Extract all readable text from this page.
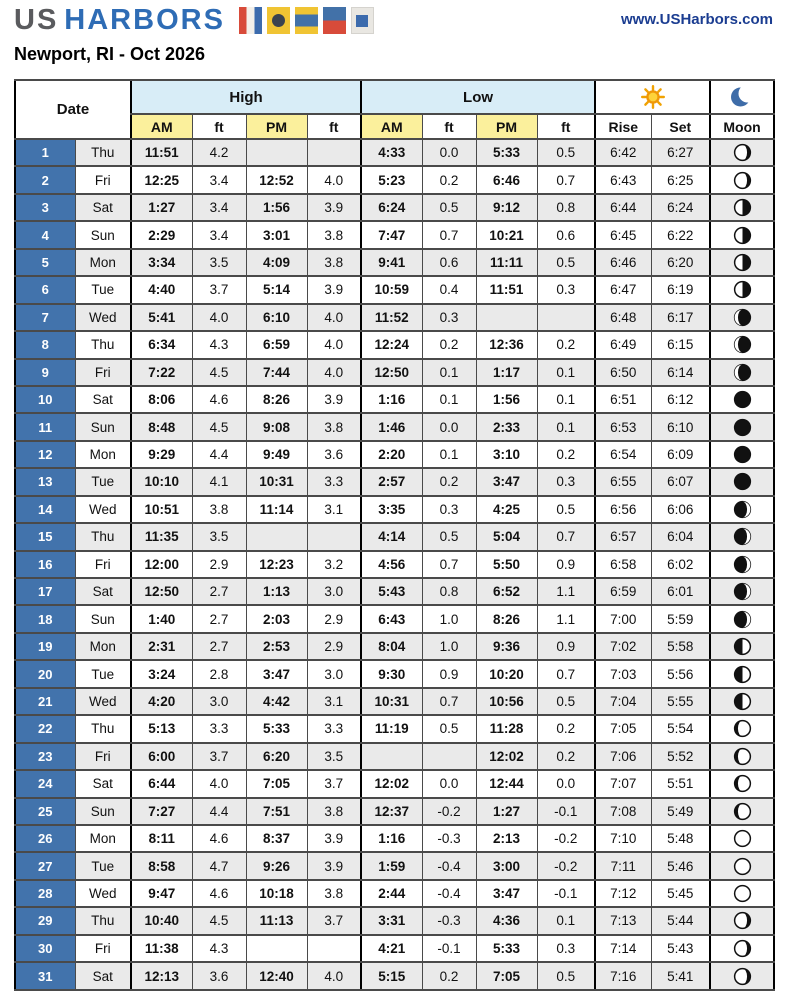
US HARBORS	www.USHarbors.com
Newport, RI - Oct 2026
Date		High				Low	

		AM	ft	PM	ft	AM	ft	PM	ft	Rise	Set	Moon
1	Thu	11:51	4.2			4:33	0.0	5:33	0.5	6:42	6:27	

2	Fri	12:25	3.4	12:52	4.0	5:23	0.2	6:46	0.7	6:43	6:25	

3	Sat	1:27	3.4	1:56	3.9	6:24	0.5	9:12	0.8	6:44	6:24	

4	Sun	2:29	3.4	3:01	3.8	7:47	0.7	10:21	0.6	6:45	6:22	

5	Mon	3:34	3.5	4:09	3.8	9:41	0.6	11:11	0.5	6:46	6:20	

6	Tue	4:40	3.7	5:14	3.9	10:59	0.4	11:51	0.3	6:47	6:19	

7	Wed	5:41	4.0	6:10	4.0	11:52	0.3			6:48	6:17	

8	Thu	6:34	4.3	6:59	4.0	12:24	0.2	12:36	0.2	6:49	6:15	

9	Fri	7:22	4.5	7:44	4.0	12:50	0.1	1:17	0.1	6:50	6:14	

10	Sat	8:06	4.6	8:26	3.9	1:16	0.1	1:56	0.1	6:51	6:12	

11	Sun	8:48	4.5	9:08	3.8	1:46	0.0	2:33	0.1	6:53	6:10	

12	Mon	9:29	4.4	9:49	3.6	2:20	0.1	3:10	0.2	6:54	6:09	

13	Tue	10:10	4.1	10:31	3.3	2:57	0.2	3:47	0.3	6:55	6:07	

14	Wed	10:51	3.8	11:14	3.1	3:35	0.3	4:25	0.5	6:56	6:06	

15	Thu	11:35	3.5			4:14	0.5	5:04	0.7	6:57	6:04	

16	Fri	12:00	2.9	12:23	3.2	4:56	0.7	5:50	0.9	6:58	6:02	

17	Sat	12:50	2.7	1:13	3.0	5:43	0.8	6:52	1.1	6:59	6:01	

18	Sun	1:40	2.7	2:03	2.9	6:43	1.0	8:26	1.1	7:00	5:59	

19	Mon	2:31	2.7	2:53	2.9	8:04	1.0	9:36	0.9	7:02	5:58	

20	Tue	3:24	2.8	3:47	3.0	9:30	0.9	10:20	0.7	7:03	5:56	

21	Wed	4:20	3.0	4:42	3.1	10:31	0.7	10:56	0.5	7:04	5:55	

22	Thu	5:13	3.3	5:33	3.3	11:19	0.5	11:28	0.2	7:05	5:54	

23	Fri	6:00	3.7	6:20	3.5			12:02	0.2	7:06	5:52	

24	Sat	6:44	4.0	7:05	3.7	12:02	0.0	12:44	0.0	7:07	5:51	

25	Sun	7:27	4.4	7:51	3.8	12:37	-0.2	1:27	-0.1	7:08	5:49	

26	Mon	8:11	4.6	8:37	3.9	1:16	-0.3	2:13	-0.2	7:10	5:48	

27	Tue	8:58	4.7	9:26	3.9	1:59	-0.4	3:00	-0.2	7:11	5:46	

28	Wed	9:47	4.6	10:18	3.8	2:44	-0.4	3:47	-0.1	7:12	5:45	

29	Thu	10:40	4.5	11:13	3.7	3:31	-0.3	4:36	0.1	7:13	5:44	

30	Fri	11:38	4.3			4:21	-0.1	5:33	0.3	7:14	5:43	

31	Sat	12:13	3.6	12:40	4.0	5:15	0.2	7:05	0.5	7:16	5:41	
